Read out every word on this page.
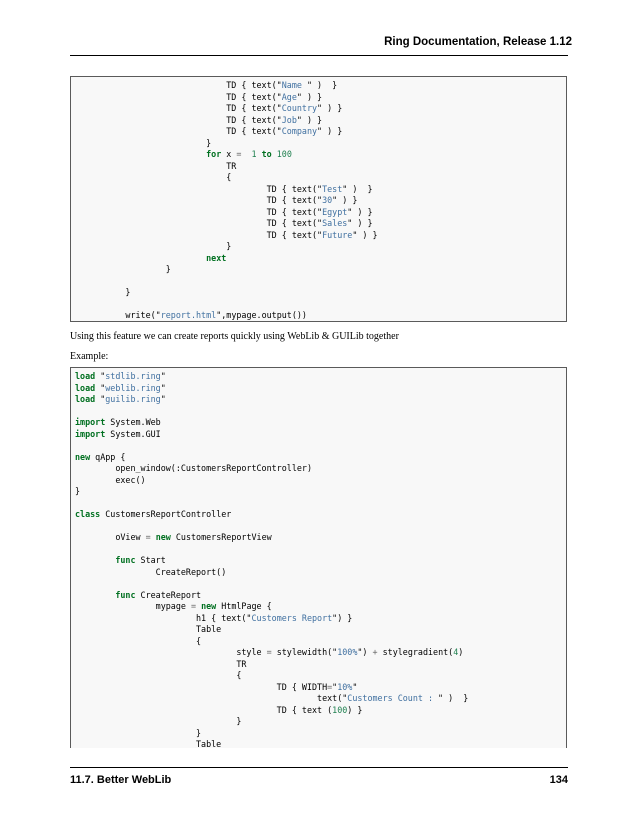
Ring Documentation, Release 1.12
TD { text("Name " )  }
TD { text("Age" ) }
TD { text("Country" ) }
TD { text("Job" ) }
TD { text("Company" ) }
}
for x = 1 to 100
TR
{
TD { text("Test" )  }
TD { text("30" ) }
TD { text("Egypt" ) }
TD { text("Sales" ) }
TD { text("Future" ) }
}
next
}

}

write("report.html",mypage.output())

Using this feature we can create reports quickly using WebLib & GUILib together
Example:
load "stdlib.ring"
load "weblib.ring"
load "guilib.ring"

import System.Web
import System.GUI

new qApp {
open_window(:CustomersReportController)
exec()
}

class CustomersReportController

oView = new CustomersReportView

func Start
CreateReport()

func CreateReport
mypage = new HtmlPage {
h1 { text("Customers Report") }
Table
{
style = stylewidth("100%") + stylegradient(4)
TR
{
TD { WIDTH="10%"
text("Customers Count : " )  }
TD { text (100) }
}
}
Table

11.7. Better WebLib	134
